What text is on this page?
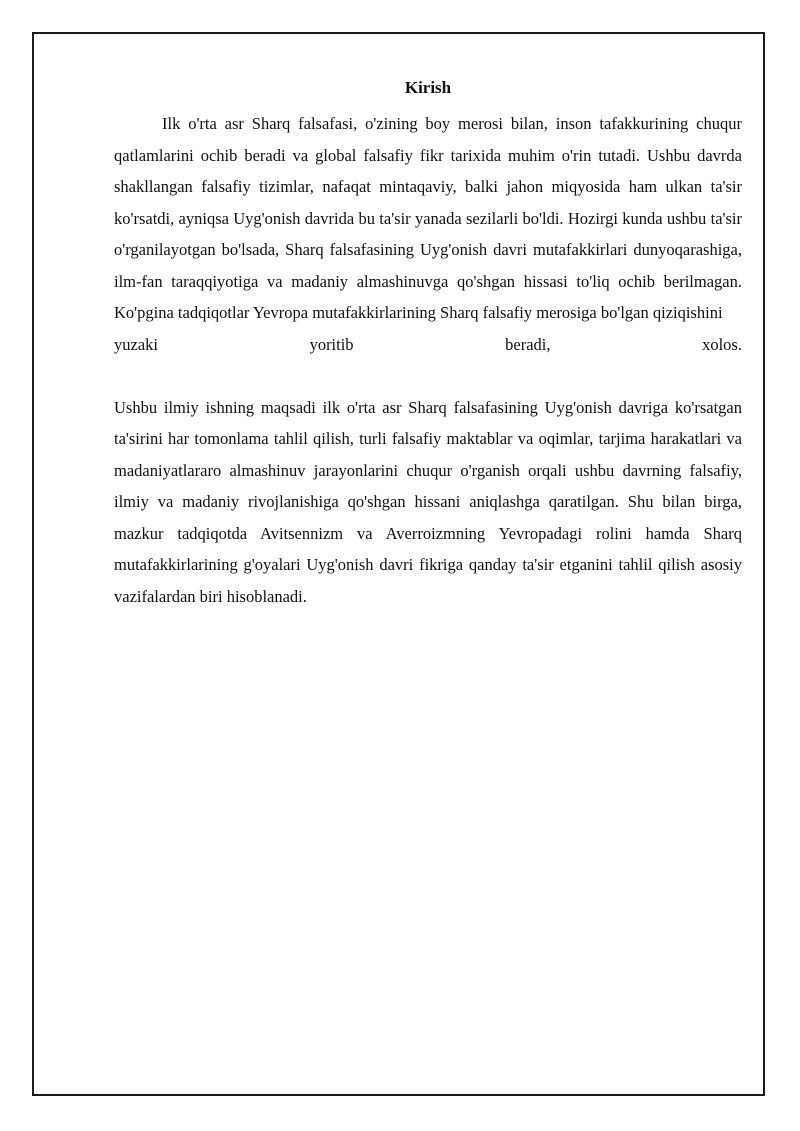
Kirish

Ilk o'rta asr Sharq falsafasi, o'zining boy merosi bilan, inson tafakkurining chuqur qatlamlarini ochib beradi va global falsafiy fikr tarixida muhim o'rin tutadi. Ushbu davrda shakllangan falsafiy tizimlar, nafaqat mintaqaviy, balki jahon miqyosida ham ulkan ta'sir ko'rsatdi, ayniqsa Uyg'onish davrida bu ta'sir yanada sezilarli bo'ldi. Hozirgi kunda ushbu ta'sir o'rganilayotgan bo'lsada, Sharq falsafasining Uyg'onish davri mutafakkirlari dunyoqarashiga, ilm-fan taraqqiyotiga va madaniy almashinuvga qo'shgan hissasi to'liq ochib berilmagan. Ko'pgina tadqiqotlar Yevropa mutafakkirlarining Sharq falsafiy merosiga bo'lgan qiziqishini

yuzaki	yoritib	beradi,	xolos.

Ushbu ilmiy ishning maqsadi ilk o'rta asr Sharq falsafasining Uyg'onish davriga ko'rsatgan ta'sirini har tomonlama tahlil qilish, turli falsafiy maktablar va oqimlar, tarjima harakatlari va madaniyatlararo almashinuv jarayonlarini chuqur o'rganish orqali ushbu davrning falsafiy, ilmiy va madaniy rivojlanishiga qo'shgan hissani aniqlashga qaratilgan. Shu bilan birga, mazkur tadqiqotda Avitsennizm va Averroizmning Yevropadagi rolini hamda Sharq mutafakkirlarining g'oyalari Uyg'onish davri fikriga qanday ta'sir etganini tahlil qilish asosiy vazifalardan biri hisoblanadi.
